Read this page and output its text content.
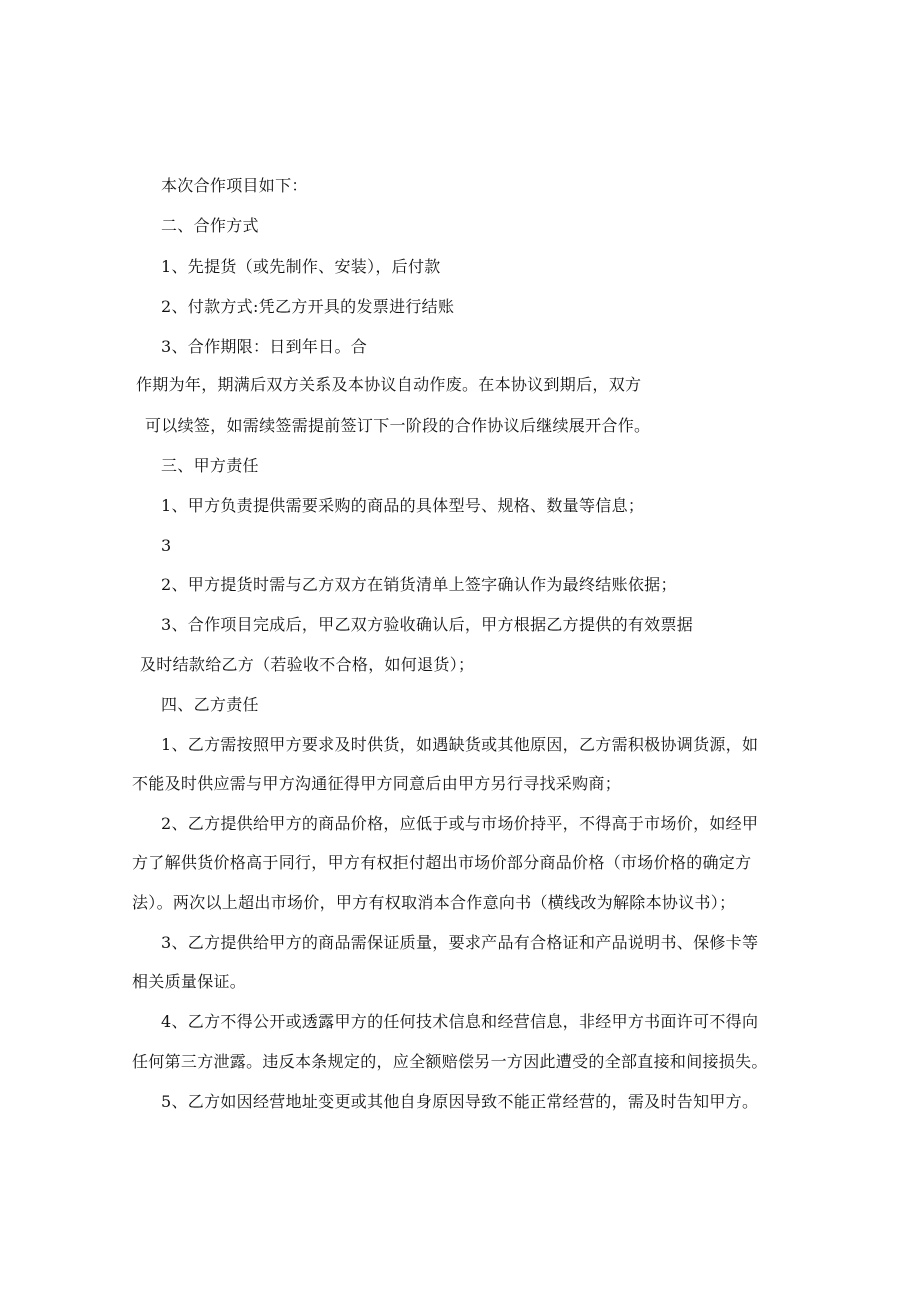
本次合作项目如下：
二、合作方式
1、先提货（或先制作、安装），后付款
2、付款方式:凭乙方开具的发票进行结账
3、合作期限：日到年日。合
作期为年，期满后双方关系及本协议自动作废。在本协议到期后，双方
可以续签，如需续签需提前签订下一阶段的合作协议后继续展开合作。
三、甲方责任
1、甲方负责提供需要采购的商品的具体型号、规格、数量等信息；
3
2、甲方提货时需与乙方双方在销货清单上签字确认作为最终结账依据；
3、合作项目完成后，甲乙双方验收确认后，甲方根据乙方提供的有效票据
及时结款给乙方（若验收不合格，如何退货）；
四、乙方责任
1、乙方需按照甲方要求及时供货，如遇缺货或其他原因，乙方需积极协调货源，如
不能及时供应需与甲方沟通征得甲方同意后由甲方另行寻找采购商；
2、乙方提供给甲方的商品价格，应低于或与市场价持平，不得高于市场价，如经甲
方了解供货价格高于同行，甲方有权拒付超出市场价部分商品价格（市场价格的确定方
法）。两次以上超出市场价，甲方有权取消本合作意向书（横线改为解除本协议书）；
3、乙方提供给甲方的商品需保证质量，要求产品有合格证和产品说明书、保修卡等
相关质量保证。
4、乙方不得公开或透露甲方的任何技术信息和经营信息，非经甲方书面许可不得向
任何第三方泄露。违反本条规定的，应全额赔偿另一方因此遭受的全部直接和间接损失。
5、乙方如因经营地址变更或其他自身原因导致不能正常经营的，需及时告知甲方。
